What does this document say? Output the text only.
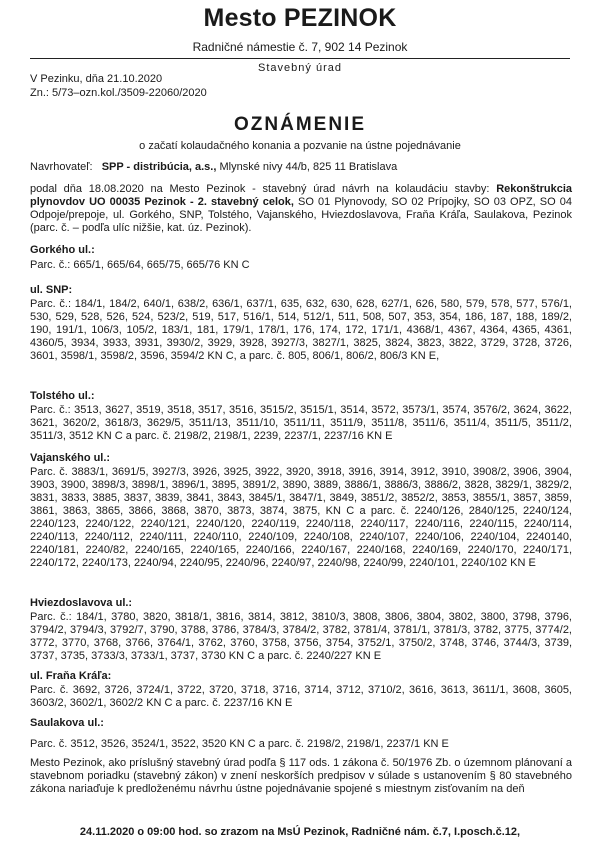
Mesto PEZINOK
Radničné námestie č. 7, 902 14 Pezinok
Stavebný úrad
V Pezinku, dňa 21.10.2020
Zn.: 5/73–ozn.kol./3509-22060/2020
OZNÁMENIE
o začatí kolaudačného konania a pozvanie na ústne pojednávanie
Navrhovateľ: SPP - distribúcia, a.s., Mlynské nivy 44/b, 825 11 Bratislava
podal dňa 18.08.2020 na Mesto Pezinok - stavebný úrad návrh na kolaudáciu stavby: Rekonštrukcia plynovdov UO 00035 Pezinok - 2. stavebný celok, SO 01 Plynovody, SO 02 Prípojky, SO 03 OPZ, SO 04 Odpoje/prepoje, ul. Gorkého, SNP, Tolstého, Vajanského, Hviezdoslavova, Fraňa Kráľa, Saulakova, Pezinok (parc. č. – podľa ulíc nižšie, kat. úz. Pezinok).
Gorkého ul.:
Parc. č.: 665/1, 665/64, 665/75, 665/76 KN C
ul. SNP:
Parc. č.: 184/1, 184/2, 640/1, 638/2, 636/1, 637/1, 635, 632, 630, 628, 627/1, 626, 580, 579, 578, 577, 576/1, 530, 529, 528, 526, 524, 523/2, 519, 517, 516/1, 514, 512/1, 511, 508, 507, 353, 354, 186, 187, 188, 189/2, 190, 191/1, 106/3, 105/2, 183/1, 181, 179/1, 178/1, 176, 174, 172, 171/1, 4368/1, 4367, 4364, 4365, 4361, 4360/5, 3934, 3933, 3931, 3930/2, 3929, 3928, 3927/3, 3827/1, 3825, 3824, 3823, 3822, 3729, 3728, 3726, 3601, 3598/1, 3598/2, 3596, 3594/2 KN C, a parc. č. 805, 806/1, 806/2, 806/3 KN E,
Tolstého ul.:
Parc. č.: 3513, 3627, 3519, 3518, 3517, 3516, 3515/2, 3515/1, 3514, 3572, 3573/1, 3574, 3576/2, 3624, 3622, 3621, 3620/2, 3618/3, 3629/5, 3511/13, 3511/10, 3511/11, 3511/9, 3511/8, 3511/6, 3511/4, 3511/5, 3511/2, 3511/3, 3512 KN C a parc. č. 2198/2, 2198/1, 2239, 2237/1, 2237/16 KN E
Vajanského ul.:
Parc. č. 3883/1, 3691/5, 3927/3, 3926, 3925, 3922, 3920, 3918, 3916, 3914, 3912, 3910, 3908/2, 3906, 3904, 3903, 3900, 3898/3, 3898/1, 3896/1, 3895, 3891/2, 3890, 3889, 3886/1, 3886/3, 3886/2, 3828, 3829/1, 3829/2, 3831, 3833, 3885, 3837, 3839, 3841, 3843, 3845/1, 3847/1, 3849, 3851/2, 3852/2, 3853, 3855/1, 3857, 3859, 3861, 3863, 3865, 3866, 3868, 3870, 3873, 3874, 3875, KN C a parc. č. 2240/126, 2840/125, 2240/124, 2240/123, 2240/122, 2240/121, 2240/120, 2240/119, 2240/118, 2240/117, 2240/116, 2240/115, 2240/114, 2240/113, 2240/112, 2240/111, 2240/110, 2240/109, 2240/108, 2240/107, 2240/106, 2240/104, 2240140, 2240/181, 2240/82, 2240/165, 2240/165, 2240/166, 2240/167, 2240/168, 2240/169, 2240/170, 2240/171, 2240/172, 2240/173, 2240/94, 2240/95, 2240/96, 2240/97, 2240/98, 2240/99, 2240/101, 2240/102 KN E
Hviezdoslavova ul.:
Parc. č.: 184/1, 3780, 3820, 3818/1, 3816, 3814, 3812, 3810/3, 3808, 3806, 3804, 3802, 3800, 3798, 3796, 3794/2, 3794/3, 3792/7, 3790, 3788, 3786, 3784/3, 3784/2, 3782, 3781/4, 3781/1, 3781/3, 3782, 3775, 3774/2, 3772, 3770, 3768, 3766, 3764/1, 3762, 3760, 3758, 3756, 3754, 3752/1, 3750/2, 3748, 3746, 3744/3, 3739, 3737, 3735, 3733/3, 3733/1, 3737, 3730 KN C a parc. č. 2240/227 KN E
ul. Fraňa Kráľa:
Parc. č. 3692, 3726, 3724/1, 3722, 3720, 3718, 3716, 3714, 3712, 3710/2, 3616, 3613, 3611/1, 3608, 3605, 3603/2, 3602/1, 3602/2 KN C a parc. č. 2237/16 KN E
Saulakova ul.:
Parc. č. 3512, 3526, 3524/1, 3522, 3520 KN C a parc. č. 2198/2, 2198/1, 2237/1 KN E
Mesto Pezinok, ako príslušný stavebný úrad podľa § 117 ods. 1 zákona č. 50/1976 Zb. o územnom plánovaní a stavebnom poriadku (stavebný zákon) v znení neskorších predpisov v súlade s ustanovením § 80 stavebného zákona nariaďuje k predloženému návrhu ústne pojednávanie spojené s miestnym zisťovaním na deň
24.11.2020 o 09:00 hod. so zrazom na MsÚ Pezinok, Radničné nám. č.7, I.posch.č.12,
